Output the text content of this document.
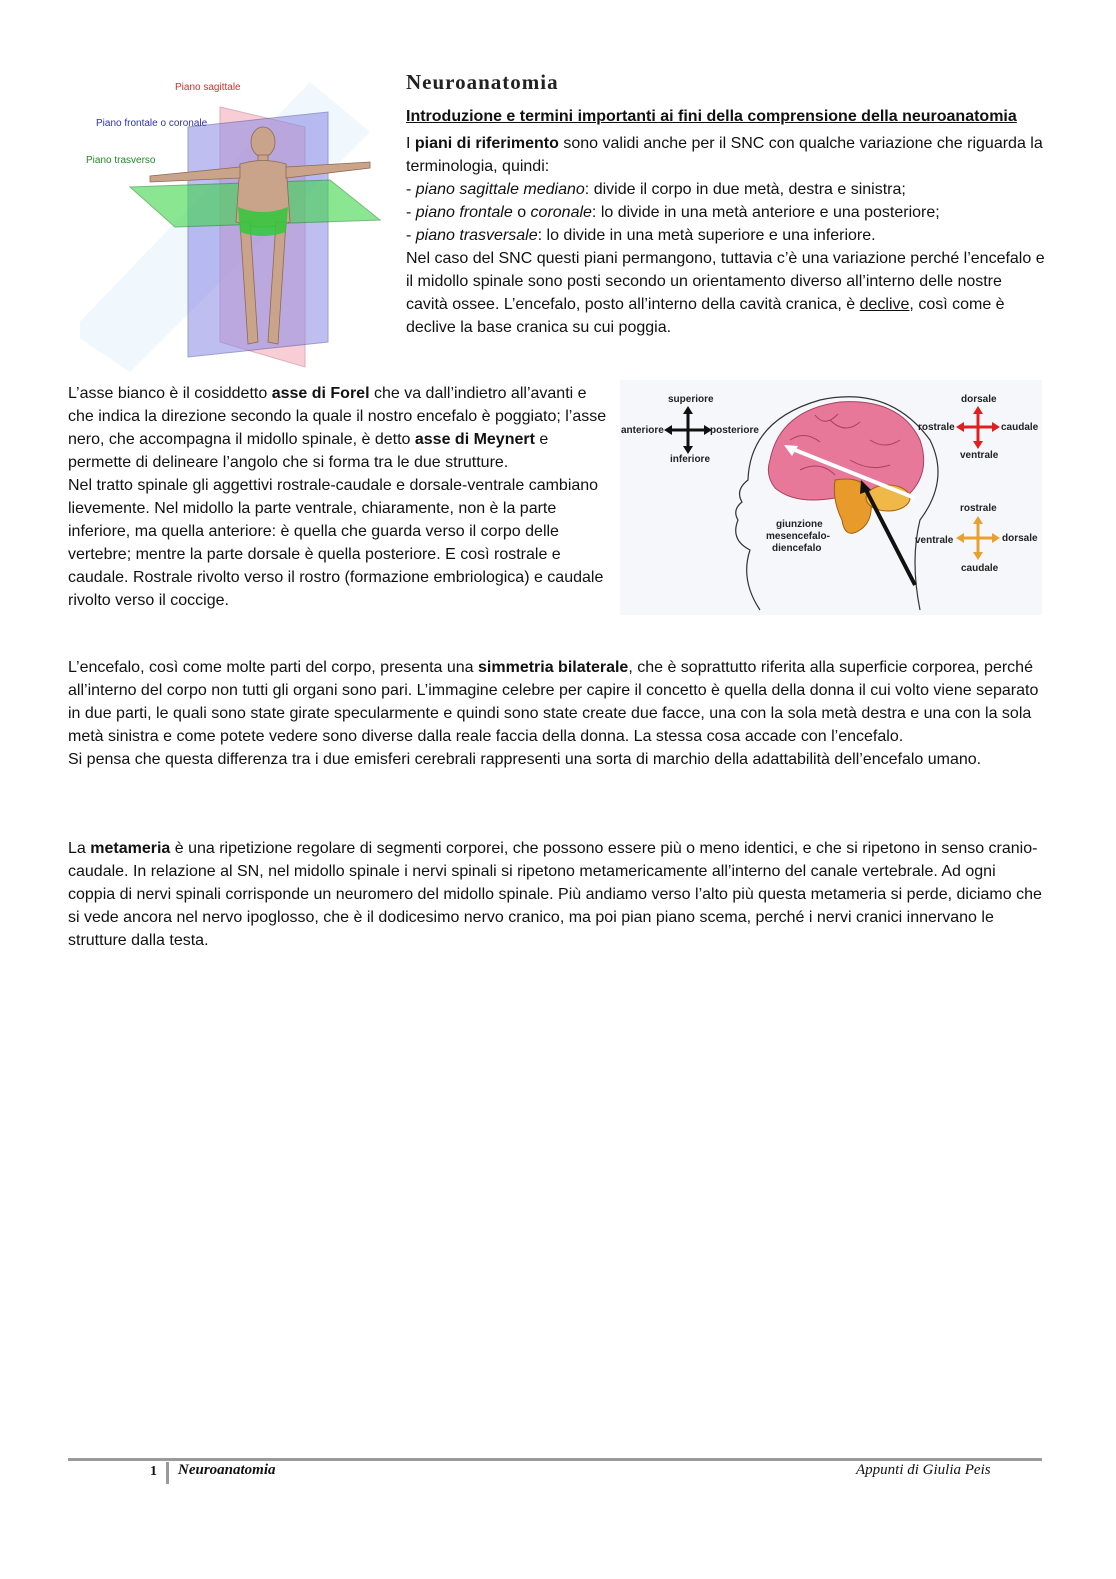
Piano sagittale
Piano frontale o coronale
Piano trasverso
Neuroanatomia
Introduzione e termini importanti ai fini della comprensione della neuroanatomia

I piani di riferimento sono validi anche per il SNC con qualche variazione che riguarda la terminologia, quindi:

- piano sagittale mediano: divide il corpo in due metà, destra e sinistra;

- piano frontale o coronale: lo divide in una metà anteriore e una posteriore;

- piano trasversale: lo divide in una metà superiore e una inferiore.

Nel caso del SNC questi piani permangono, tuttavia c’è una variazione perché l’encefalo e il midollo spinale sono posti secondo un orientamento diverso all’interno delle nostre cavità ossee. L’encefalo, posto all’interno della cavità cranica, è declive, così come è declive la base cranica su cui poggia.

L’asse bianco è il cosiddetto asse di Forel che va dall’indietro all’avanti e che indica la direzione secondo la quale il nostro encefalo è poggiato; l’asse nero, che accompagna il midollo spinale, è detto asse di Meynert e permette di delineare l’angolo che si forma tra le due strutture.

Nel tratto spinale gli aggettivi rostrale-caudale e dorsale-ventrale cambiano lievemente. Nel midollo la parte ventrale, chiaramente, non è la parte inferiore, ma quella anteriore: è quella che guarda verso il corpo delle vertebre; mentre la parte dorsale è quella posteriore. E così rostrale e caudale. Rostrale rivolto verso il rostro (formazione embriologica) e caudale rivolto verso il coccige.

superiore
anteriore	posteriore
inferiore
dorsale
rostrale	caudale
ventrale
rostrale
ventrale	dorsale
caudale
giunzione
mesencefalo-
diencefalo

L’encefalo, così come molte parti del corpo, presenta una simmetria bilaterale, che è soprattutto riferita alla superficie corporea, perché all’interno del corpo non tutti gli organi sono pari. L’immagine celebre per capire il concetto è quella della donna il cui volto viene separato in due parti, le quali sono state girate specularmente e quindi sono state create due facce, una con la sola metà destra e una con la sola metà sinistra e come potete vedere sono diverse dalla reale faccia della donna. La stessa cosa accade con l’encefalo.

Si pensa che questa differenza tra i due emisferi cerebrali rappresenti una sorta di marchio della adattabilità dell’encefalo umano.

La metameria è una ripetizione regolare di segmenti corporei, che possono essere più o meno identici, e che si ripetono in senso cranio-caudale. In relazione al SN, nel midollo spinale i nervi spinali si ripetono metamericamente all’interno del canale vertebrale. Ad ogni coppia di nervi spinali corrisponde un neuromero del midollo spinale. Più andiamo verso l’alto più questa metameria si perde, diciamo che si vede ancora nel nervo ipoglosso, che è il dodicesimo nervo cranico, ma poi pian piano scema, perché i nervi cranici innervano le strutture dalla testa.

1 Neuroanatomia	Appunti di Giulia Peis
